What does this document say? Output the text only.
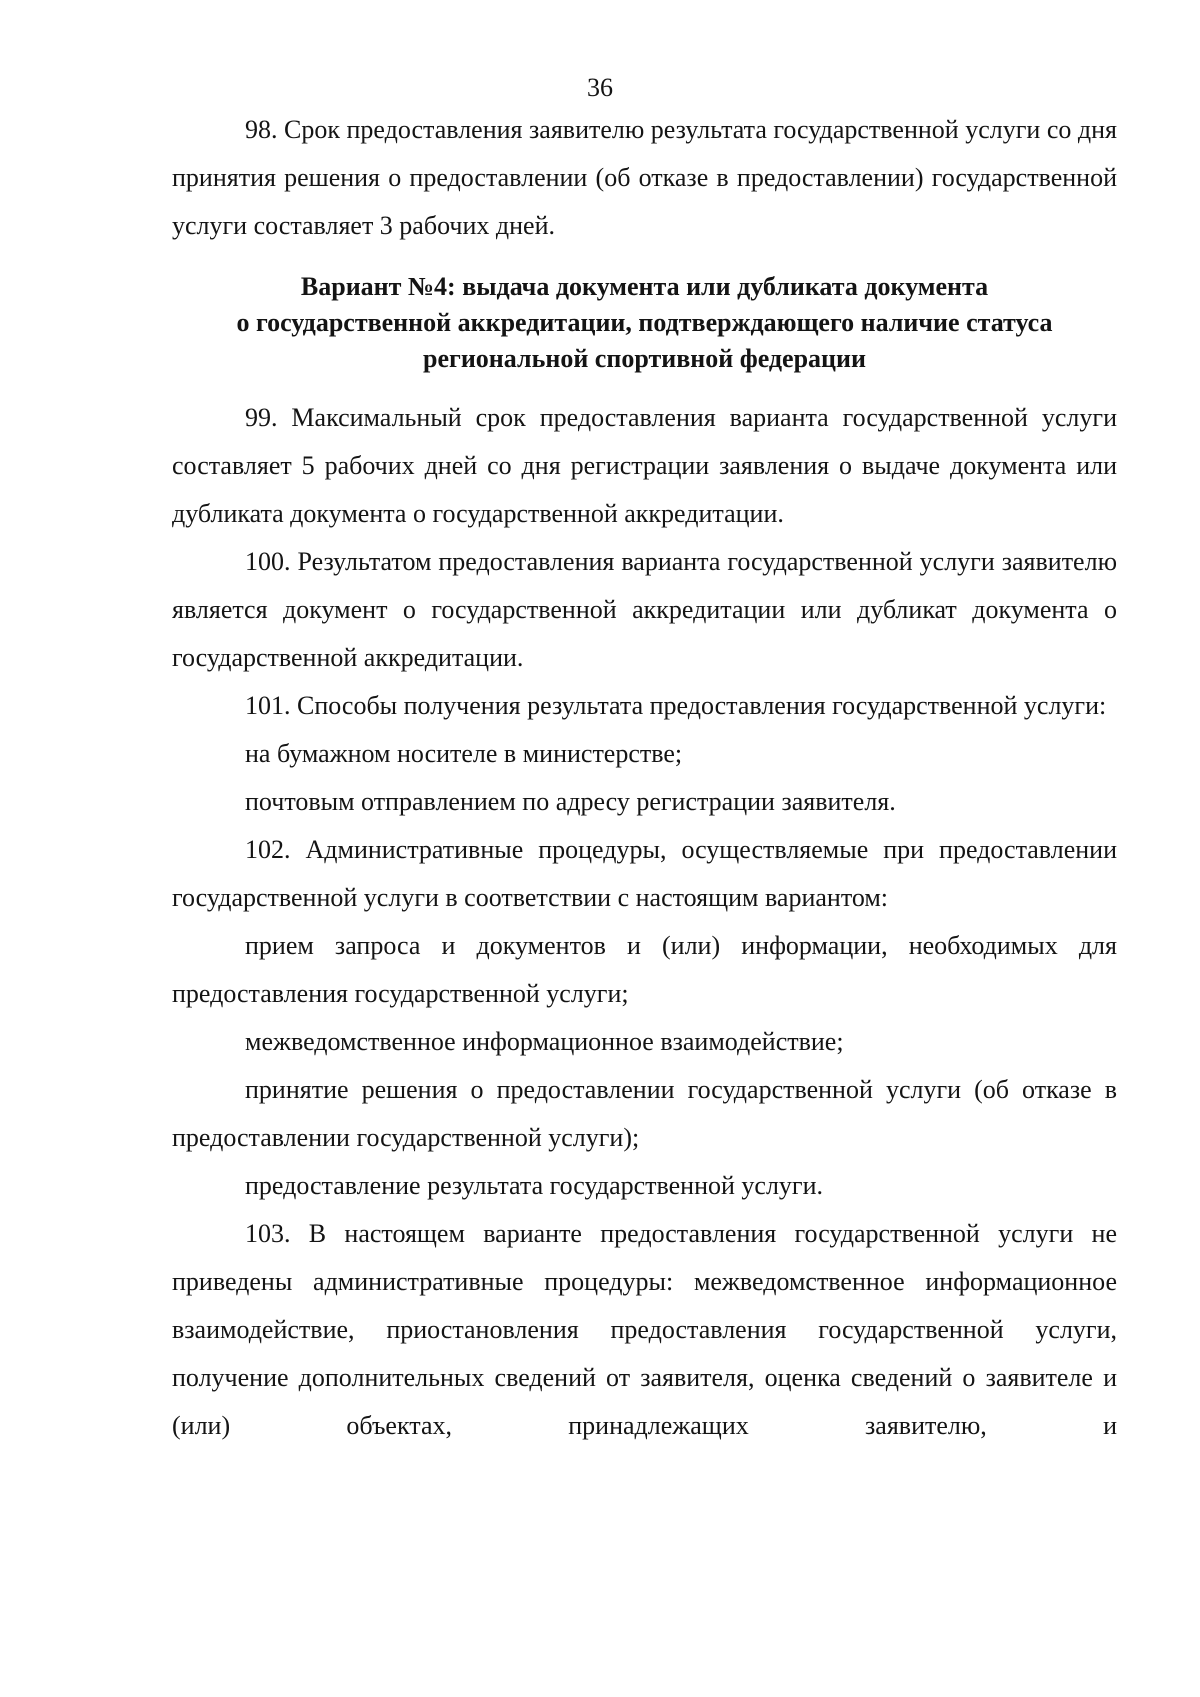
36

98. Срок предоставления заявителю результата государственной услуги со дня принятия решения о предоставлении (об отказе в предоставлении) государственной услуги составляет 3 рабочих дней.

Вариант №4: выдача документа или дубликата документа
о государственной аккредитации, подтверждающего наличие статуса
региональной спортивной федерации

99. Максимальный срок предоставления варианта государственной услуги составляет 5 рабочих дней со дня регистрации заявления о выдаче документа или дубликата документа о государственной аккредитации.

100. Результатом предоставления варианта государственной услуги заявителю является документ о государственной аккредитации или дубликат документа о государственной аккредитации.

101. Способы получения результата предоставления государственной услуги:

на бумажном носителе в министерстве;

почтовым отправлением по адресу регистрации заявителя.

102. Административные процедуры, осуществляемые при предоставлении государственной услуги в соответствии с настоящим вариантом:

прием запроса и документов и (или) информации, необходимых для предоставления государственной услуги;

межведомственное информационное взаимодействие;

принятие решения о предоставлении государственной услуги (об отказе в предоставлении государственной услуги);

предоставление результата государственной услуги.

103. В настоящем варианте предоставления государственной услуги не приведены административные процедуры: межведомственное информационное взаимодействие, приостановления предоставления государственной услуги, получение дополнительных сведений от заявителя, оценка сведений о заявителе и (или) объектах, принадлежащих заявителю, и
